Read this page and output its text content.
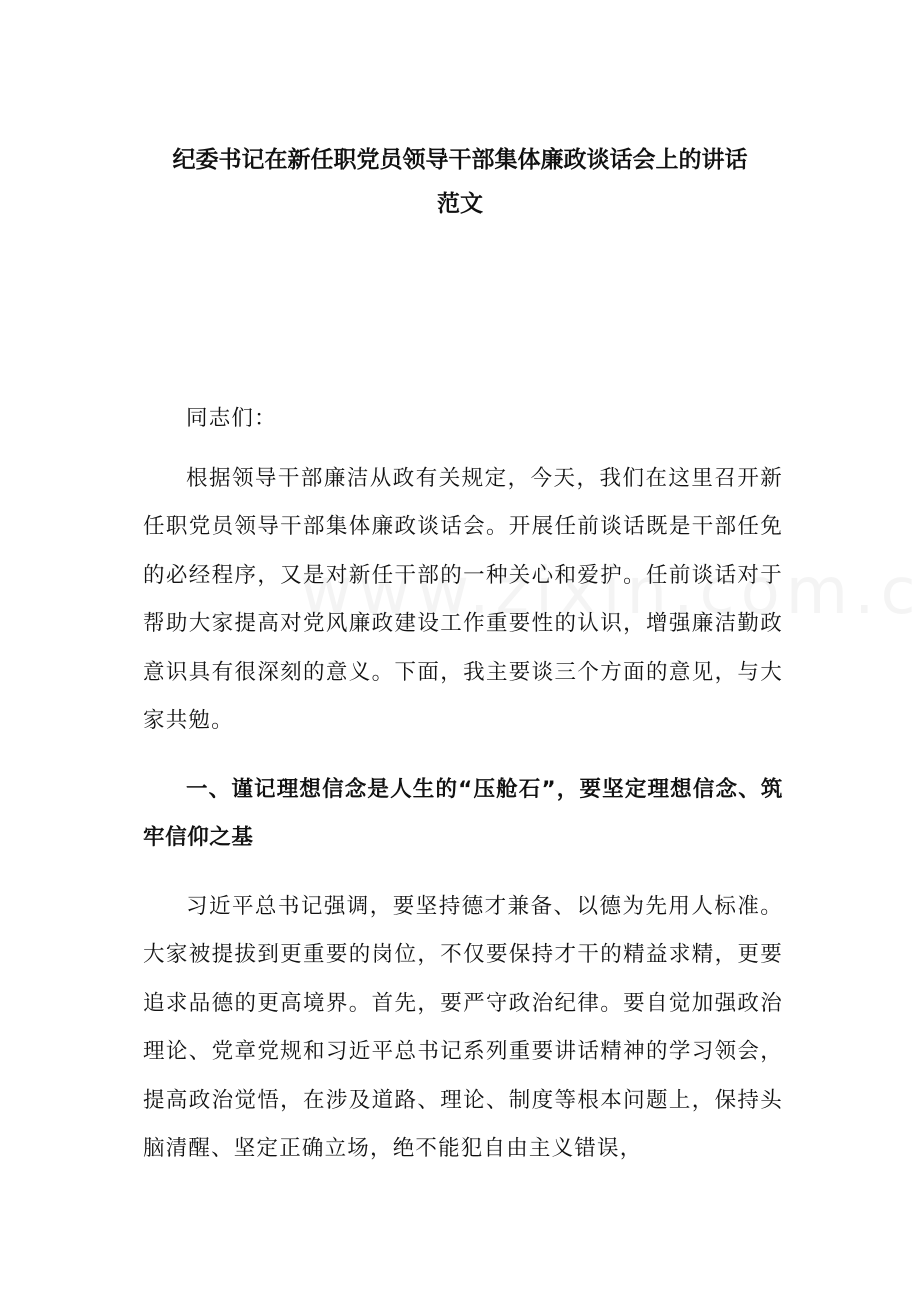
纪委书记在新任职党员领导干部集体廉政谈话会上的讲话
范文

同志们：

根据领导干部廉洁从政有关规定，今天，我们在这里召开新任职党员领导干部集体廉政谈话会。开展任前谈话既是干部任免的必经程序，又是对新任干部的一种关心和爱护。任前谈话对于帮助大家提高对党风廉政建设工作重要性的认识，增强廉洁勤政意识具有很深刻的意义。下面，我主要谈三个方面的意见，与大家共勉。

一、谨记理想信念是人生的“压舱石”，要坚定理想信念、筑牢信仰之基

习近平总书记强调，要坚持德才兼备、以德为先用人标准。大家被提拔到更重要的岗位，不仅要保持才干的精益求精，更要追求品德的更高境界。首先，要严守政治纪律。要自觉加强政治理论、党章党规和习近平总书记系列重要讲话精神的学习领会，提高政治觉悟，在涉及道路、理论、制度等根本问题上，保持头脑清醒、坚定正确立场，绝不能犯自由主义错误，
